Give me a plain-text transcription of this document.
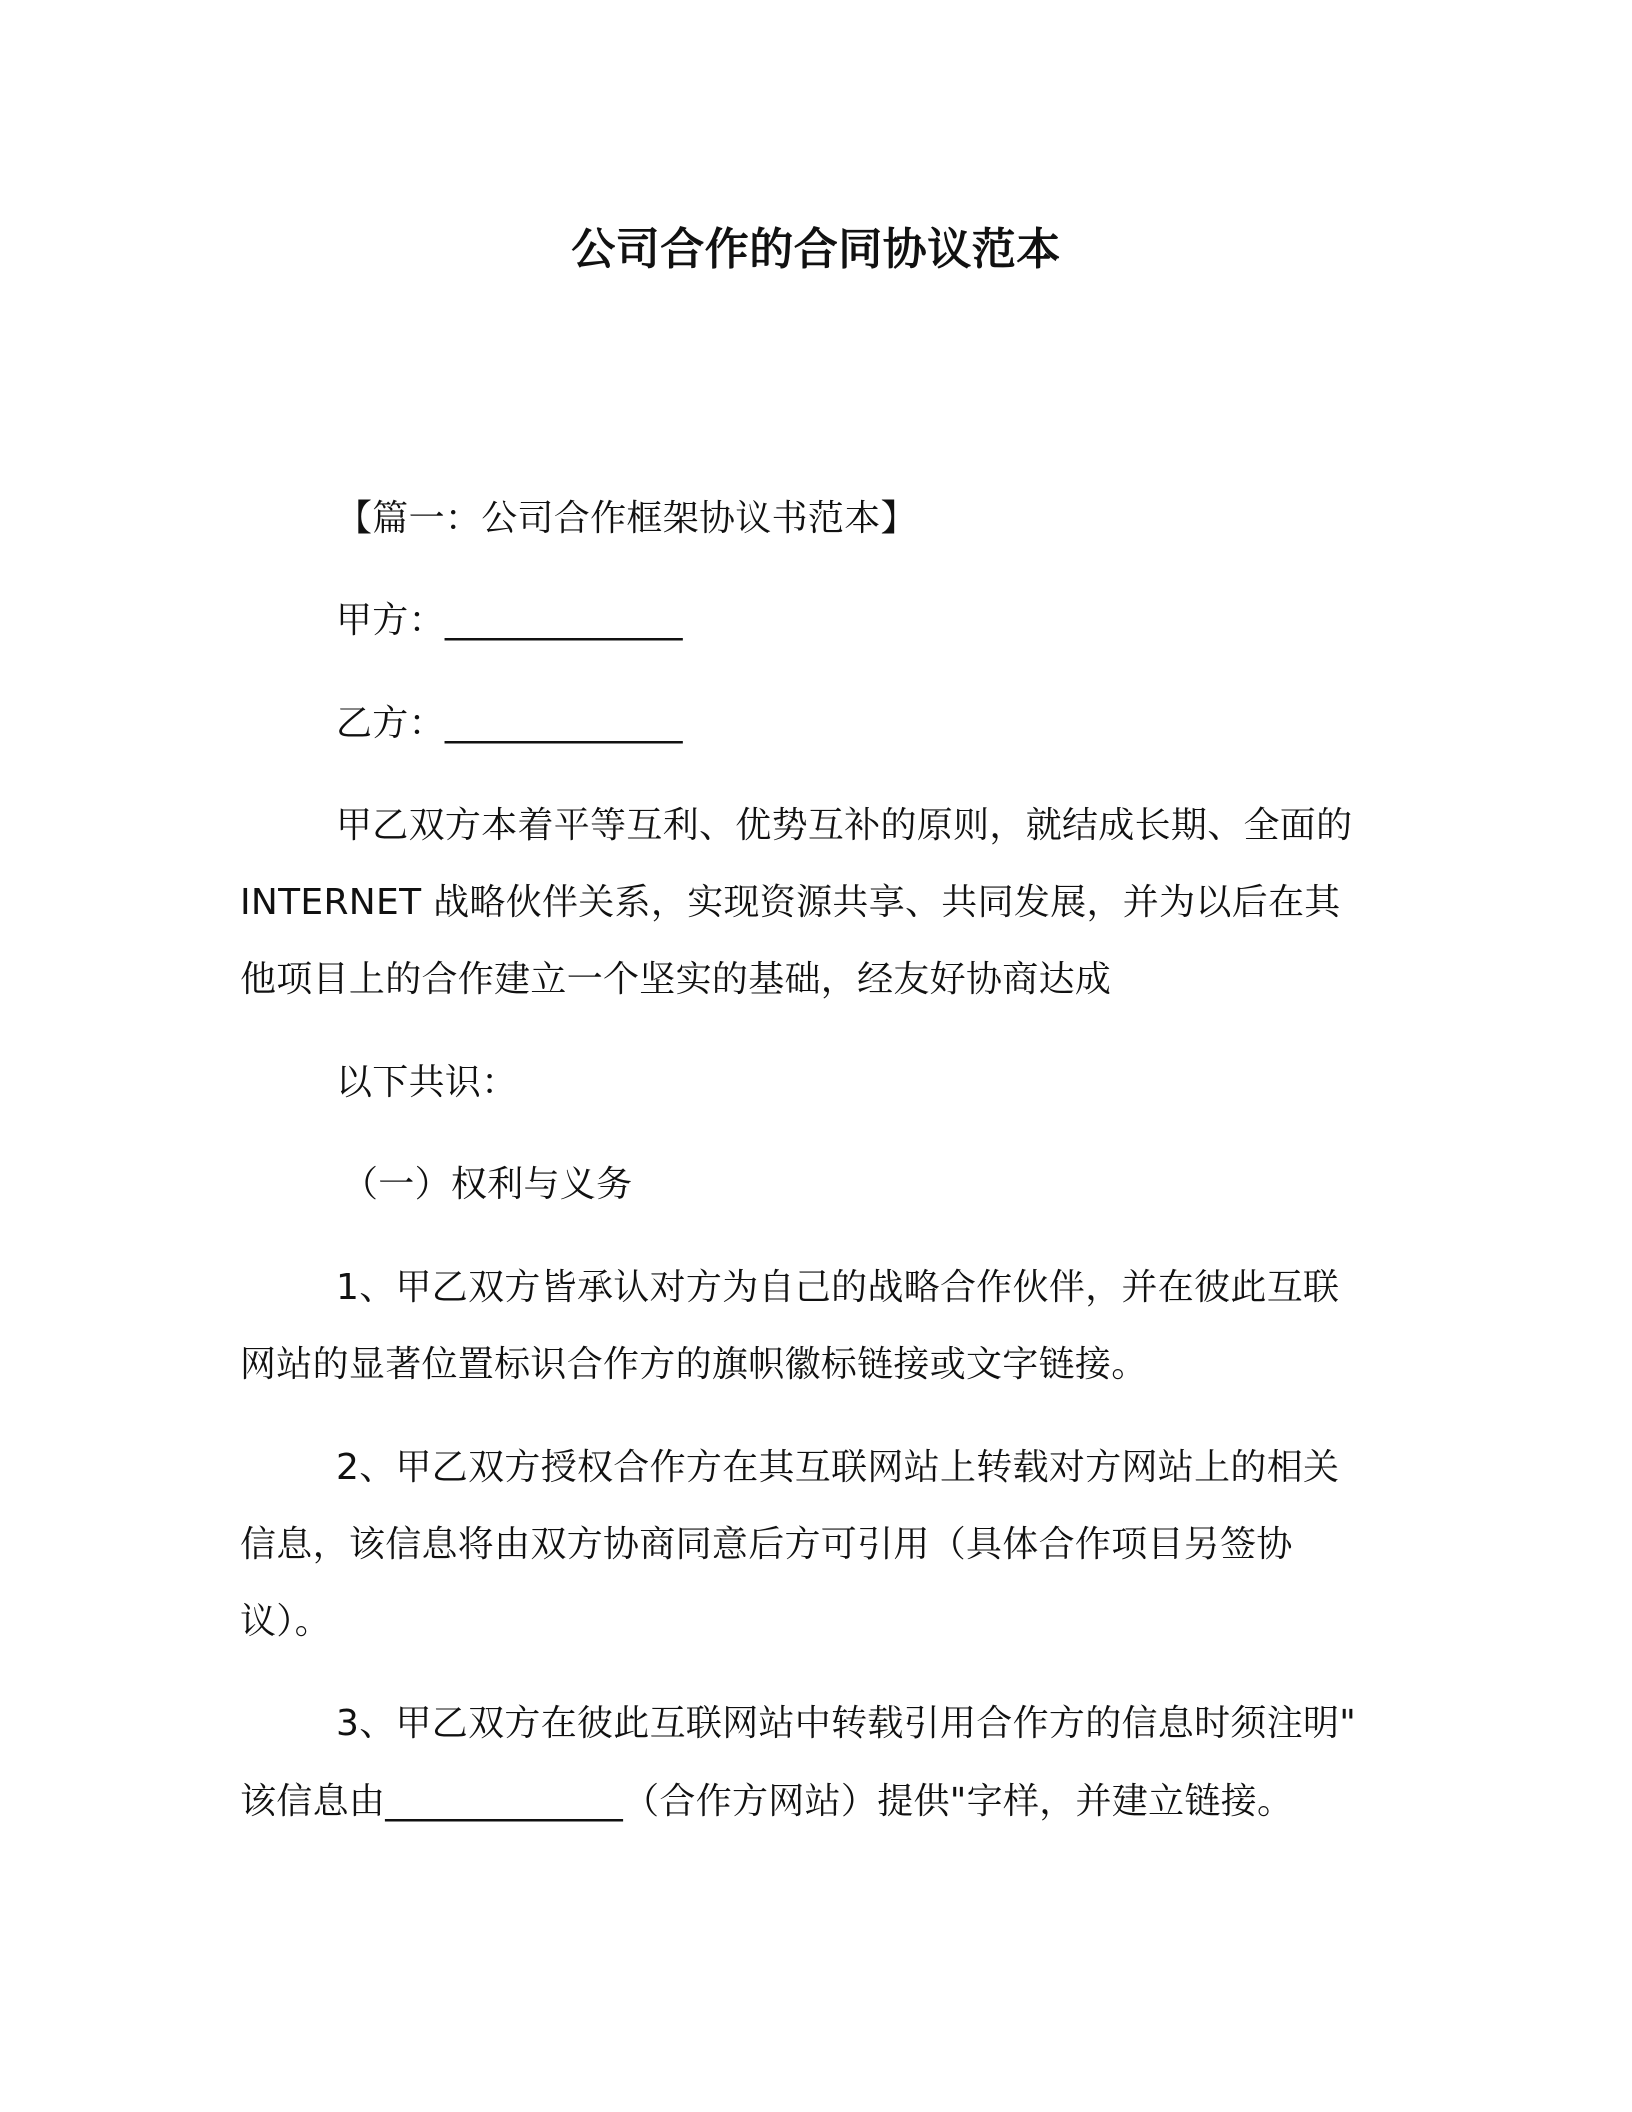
公司合作的合同协议范本
【篇一：公司合作框架协议书范本】
甲方：_____________
乙方：_____________
甲乙双方本着平等互利、优势互补的原则，就结成长期、全面的
INTERNET 战略伙伴关系，实现资源共享、共同发展，并为以后在其
他项目上的合作建立一个坚实的基础，经友好协商达成
以下共识：
（一）权利与义务
1、甲乙双方皆承认对方为自己的战略合作伙伴，并在彼此互联
网站的显著位置标识合作方的旗帜徽标链接或文字链接。
2、甲乙双方授权合作方在其互联网站上转载对方网站上的相关
信息，该信息将由双方协商同意后方可引用（具体合作项目另签协
议）。
3、甲乙双方在彼此互联网站中转载引用合作方的信息时须注明"
该信息由_____________（合作方网站）提供"字样，并建立链接。
